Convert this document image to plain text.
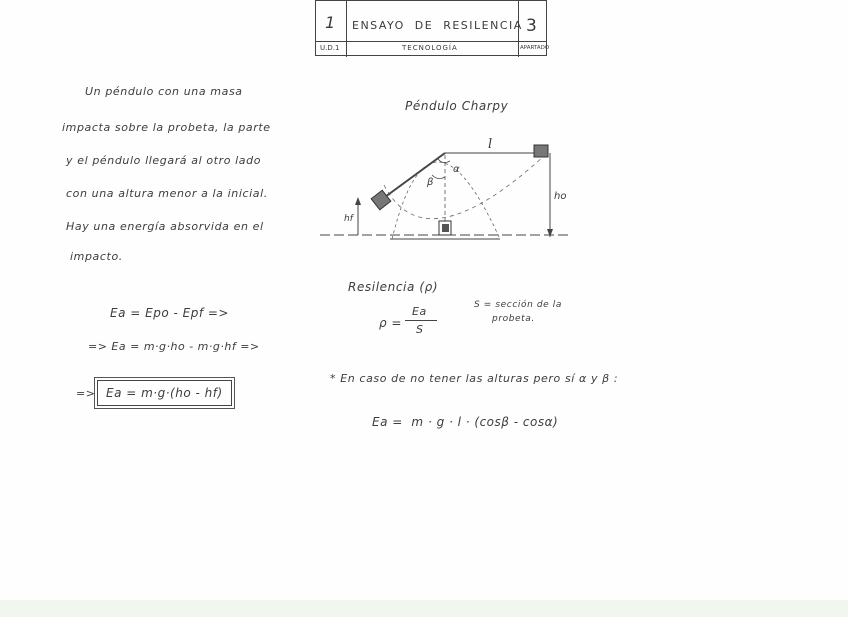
1 ENSAYO  DE  RESILENCIA 3
U.D.1	TECNOLOGÍA	APARTADO
Un péndulo con una masa
impacta sobre la probeta, la parte
y el péndulo llegará al otro lado
con una altura menor a la inicial.
Hay una energía absorvida en el
impacto.
Ea = Epo - Epf =>
=> Ea = m·g·ho - m·g·hf =>
=> Ea = m·g·(ho - hf)
Péndulo Charpy
l
α
β
ho
hf
Resilencia (ρ)
ρ =
Ea
S
S = sección de la
probeta.
* En caso de no tener las alturas pero sí α y β :
Ea =  m · g · l · (cosβ - cosα)
